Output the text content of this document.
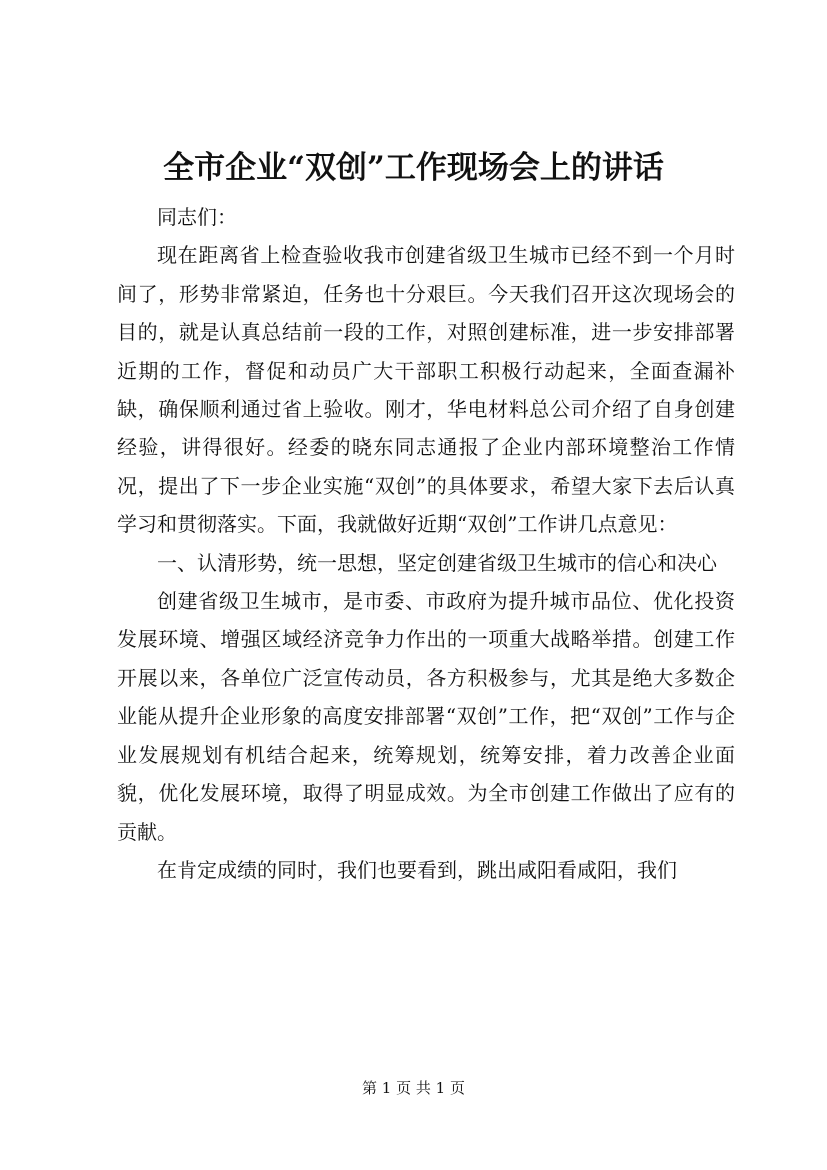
全市企业“双创”工作现场会上的讲话

同志们：

现在距离省上检查验收我市创建省级卫生城市已经不到一个月时间了，形势非常紧迫，任务也十分艰巨。今天我们召开这次现场会的目的，就是认真总结前一段的工作，对照创建标准，进一步安排部署近期的工作，督促和动员广大干部职工积极行动起来，全面查漏补缺，确保顺利通过省上验收。刚才，华电材料总公司介绍了自身创建经验，讲得很好。经委的晓东同志通报了企业内部环境整治工作情况，提出了下一步企业实施“双创”的具体要求，希望大家下去后认真学习和贯彻落实。下面，我就做好近期“双创”工作讲几点意见：

一、认清形势，统一思想，坚定创建省级卫生城市的信心和决心

创建省级卫生城市，是市委、市政府为提升城市品位、优化投资发展环境、增强区域经济竞争力作出的一项重大战略举措。创建工作开展以来，各单位广泛宣传动员，各方积极参与，尤其是绝大多数企业能从提升企业形象的高度安排部署“双创”工作，把“双创”工作与企业发展规划有机结合起来，统筹规划，统筹安排，着力改善企业面貌，优化发展环境，取得了明显成效。为全市创建工作做出了应有的贡献。

在肯定成绩的同时，我们也要看到，跳出咸阳看咸阳，我们

第 1 页 共 1 页
